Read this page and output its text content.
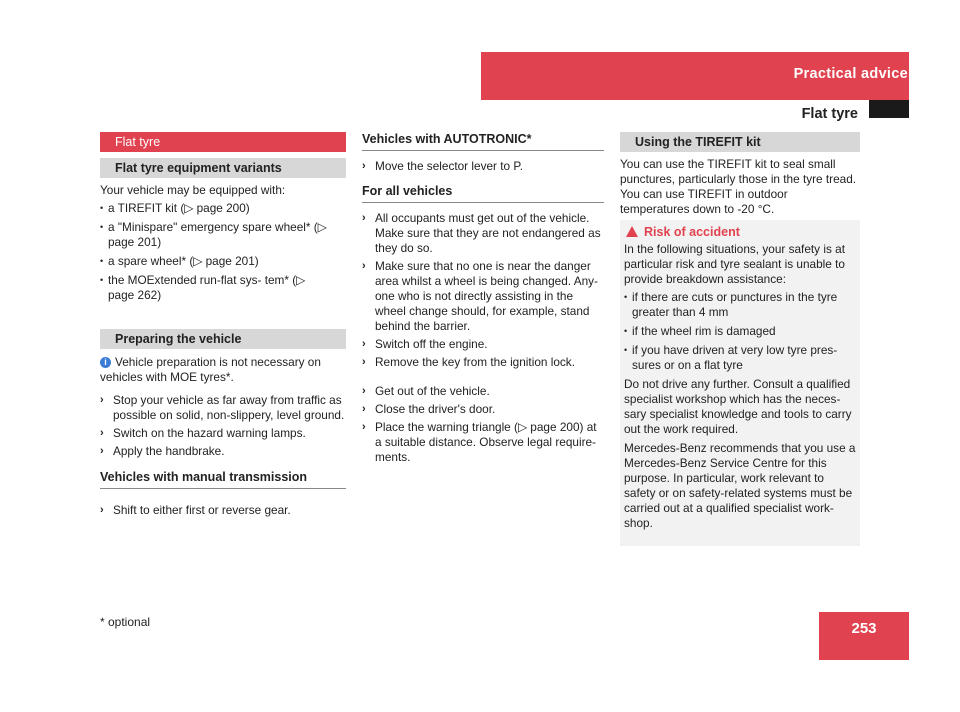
Practical advice
Flat tyre
Flat tyre
Flat tyre equipment variants

Your vehicle may be equipped with:

• a TIREFIT kit (▷ page 200)

• a "Minispare" emergency spare wheel* (▷ page 201)

• a spare wheel* (▷ page 201)

• the MOExtended run-flat sys- tem* (▷ page 262)

Preparing the vehicle

i Vehicle preparation is not necessary on vehicles with MOE tyres*.

› Stop your vehicle as far away from traffic as possible on solid, non-slippery, level ground.

› Switch on the hazard warning lamps.

› Apply the handbrake.

Vehicles with manual transmission

› Shift to either first or reverse gear.

Vehicles with AUTOTRONIC*

› Move the selector lever to P.

For all vehicles

› All occupants must get out of the vehicle. Make sure that they are not endangered as they do so.

› Make sure that no one is near the danger area whilst a wheel is being changed. Any- one who is not directly assisting in the wheel change should, for example, stand behind the barrier.

› Switch off the engine.

› Remove the key from the ignition lock.

› Get out of the vehicle.

› Close the driver's door.

› Place the warning triangle (▷ page 200) at a suitable distance. Observe legal require- ments.

Using the TIREFIT kit

You can use the TIREFIT kit to seal small punctures, particularly those in the tyre tread. You can use TIREFIT in outdoor temperatures down to -20 °C.

Risk of accident

In the following situations, your safety is at particular risk and tyre sealant is unable to provide breakdown assistance:

• if there are cuts or punctures in the tyre greater than 4 mm

• if the wheel rim is damaged

• if you have driven at very low tyre pres- sures or on a flat tyre

Do not drive any further. Consult a qualified specialist workshop which has the neces- sary specialist knowledge and tools to carry out the work required.

Mercedes-Benz recommends that you use a Mercedes-Benz Service Centre for this purpose. In particular, work relevant to safety or on safety-related systems must be carried out at a qualified specialist work- shop.

* optional	253
